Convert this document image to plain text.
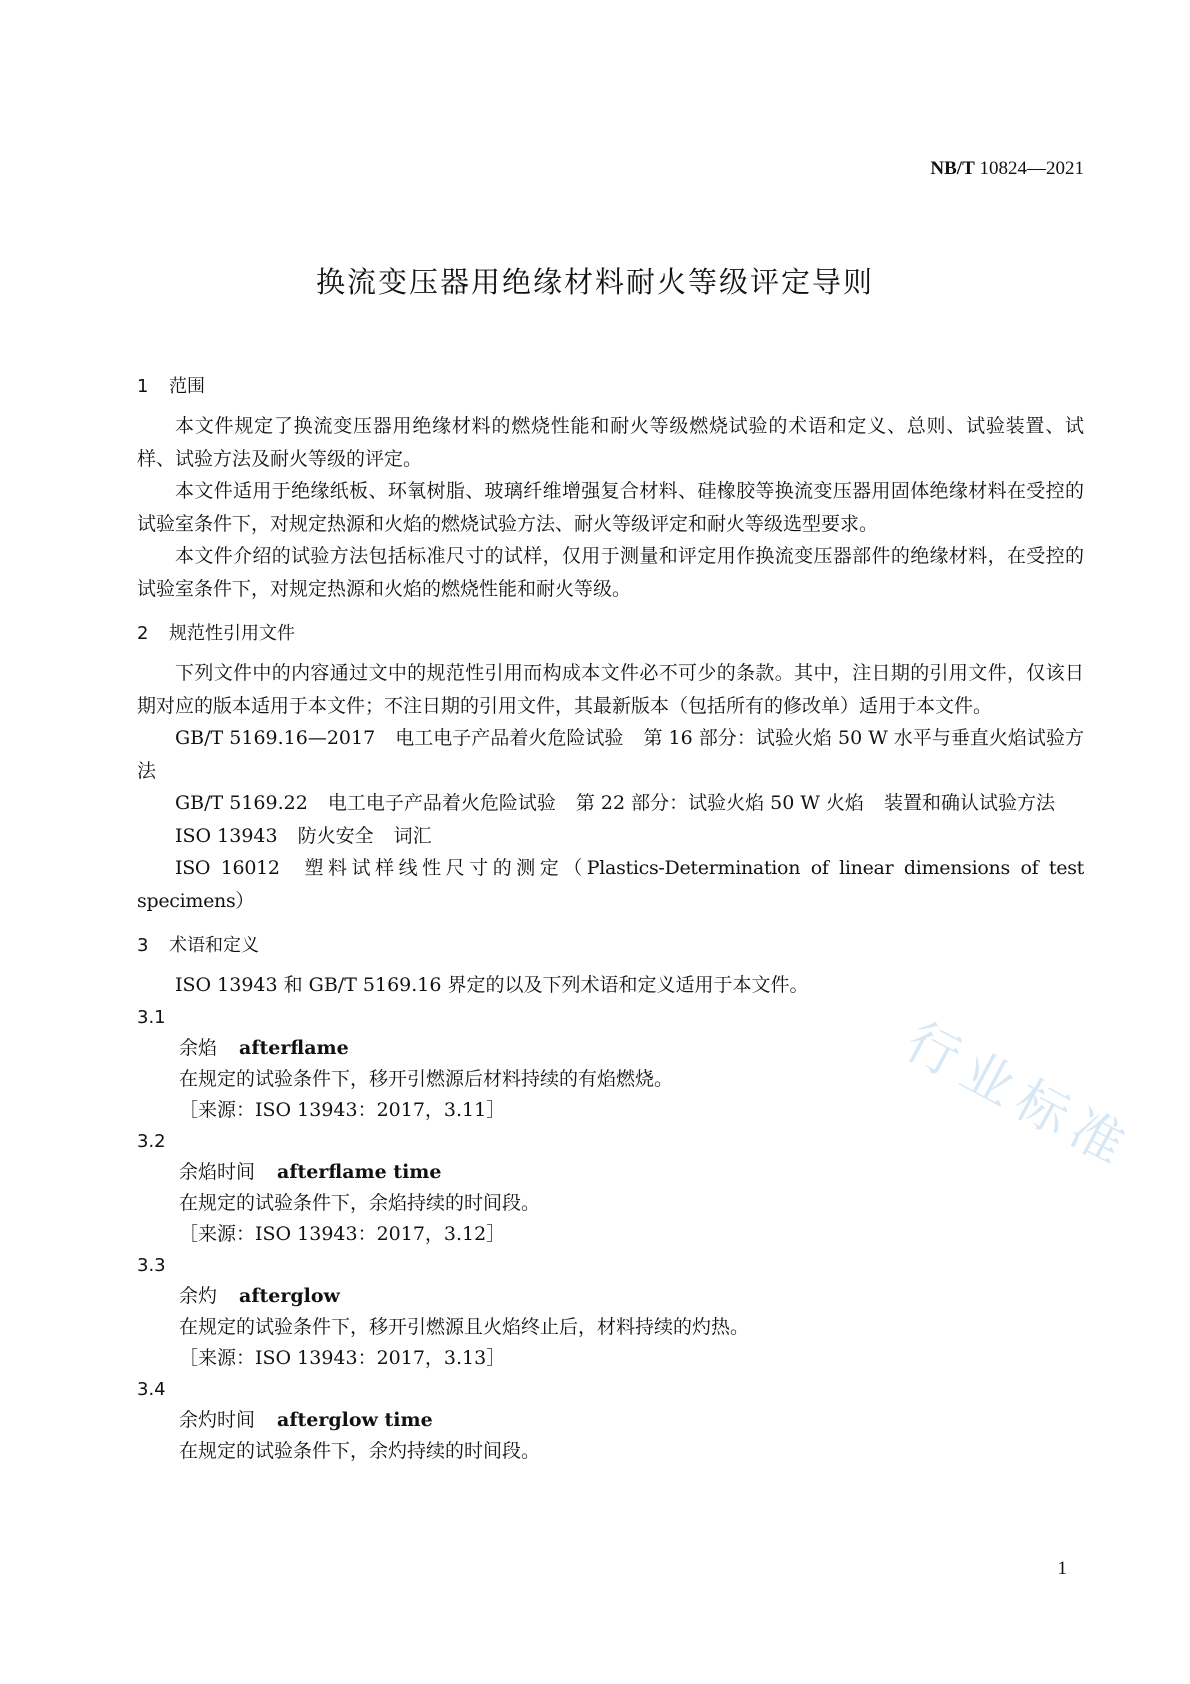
NB/T 10824—2021
换流变压器用绝缘材料耐火等级评定导则
行业标准
1 范围

本文件规定了换流变压器用绝缘材料的燃烧性能和耐火等级燃烧试验的术语和定义、总则、试验装置、试样、试验方法及耐火等级的评定。

本文件适用于绝缘纸板、环氧树脂、玻璃纤维增强复合材料、硅橡胶等换流变压器用固体绝缘材料在受控的试验室条件下，对规定热源和火焰的燃烧试验方法、耐火等级评定和耐火等级选型要求。

本文件介绍的试验方法包括标准尺寸的试样，仅用于测量和评定用作换流变压器部件的绝缘材料，在受控的试验室条件下，对规定热源和火焰的燃烧性能和耐火等级。

2 规范性引用文件

下列文件中的内容通过文中的规范性引用而构成本文件必不可少的条款。其中，注日期的引用文件，仅该日期对应的版本适用于本文件；不注日期的引用文件，其最新版本（包括所有的修改单）适用于本文件。

GB/T 5169.16—2017 电工电子产品着火危险试验 第 16 部分：试验火焰 50 W 水平与垂直火焰试验方法

GB/T 5169.22 电工电子产品着火危险试验 第 22 部分：试验火焰 50 W 火焰 装置和确认试验方法

ISO 13943 防火安全 词汇

ISO 16012 塑料试样线性尺寸的测定（Plastics-Determination of linear dimensions of test specimens）

3 术语和定义

ISO 13943 和 GB/T 5169.16 界定的以及下列术语和定义适用于本文件。

3.1
余焰 afterflame
在规定的试验条件下，移开引燃源后材料持续的有焰燃烧。
［来源：ISO 13943：2017，3.11］
3.2
余焰时间 afterflame time
在规定的试验条件下，余焰持续的时间段。
［来源：ISO 13943：2017，3.12］
3.3
余灼 afterglow
在规定的试验条件下，移开引燃源且火焰终止后，材料持续的灼热。
［来源：ISO 13943：2017，3.13］
3.4
余灼时间 afterglow time
在规定的试验条件下，余灼持续的时间段。
1
